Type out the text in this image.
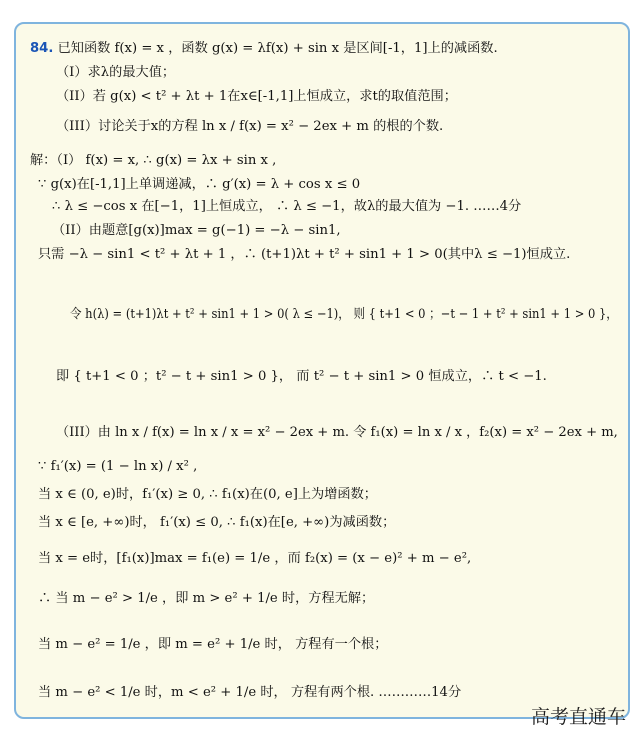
84. 已知函数 f(x) = x ，函数 g(x) = λf(x) + sin x 是区间[-1，1]上的减函数.
（I）求λ的最大值；
（II）若 g(x) < t² + λt + 1在x∈[-1,1]上恒成立，求t的取值范围；
（III）讨论关于x的方程 ln x / f(x) = x² − 2ex + m 的根的个数.
解：（I） f(x) = x, ∴ g(x) = λx + sin x ,
∵ g(x)在[-1,1]上单调递减，∴ g′(x) = λ + cos x ≤ 0
∴ λ ≤ −cos x 在[−1，1]上恒成立， ∴ λ ≤ −1，故λ的最大值为 −1. ……4分
（II）由题意[g(x)]max = g(−1) = −λ − sin1,
只需 −λ − sin1 < t² + λt + 1 ，∴ (t+1)λt + t² + sin1 + 1 > 0(其中λ ≤ −1)恒成立.
令 h(λ) = (t+1)λt + t² + sin1 + 1 > 0( λ ≤ −1)， 则 { t+1 < 0 ；−t − 1 + t² + sin1 + 1 > 0 }，
即 { t+1 < 0 ；t² − t + sin1 > 0 }， 而 t² − t + sin1 > 0 恒成立，∴ t < −1.
（III）由 ln x / f(x) = ln x / x = x² − 2ex + m. 令 f₁(x) = ln x / x ，f₂(x) = x² − 2ex + m,
∵ f₁′(x) = (1 − ln x) / x² ,
当 x ∈ (0, e)时，f₁′(x) ≥ 0, ∴ f₁(x)在(0, e]上为增函数；
当 x ∈ [e, +∞)时， f₁′(x) ≤ 0, ∴ f₁(x)在[e, +∞)为减函数；
当 x = e时，[f₁(x)]max = f₁(e) = 1/e ，而 f₂(x) = (x − e)² + m − e²,
∴ 当 m − e² > 1/e ，即 m > e² + 1/e 时，方程无解；
当 m − e² = 1/e ，即 m = e² + 1/e 时， 方程有一个根；
当 m − e² < 1/e 时，m < e² + 1/e 时， 方程有两个根. …………14分
高考直通车
